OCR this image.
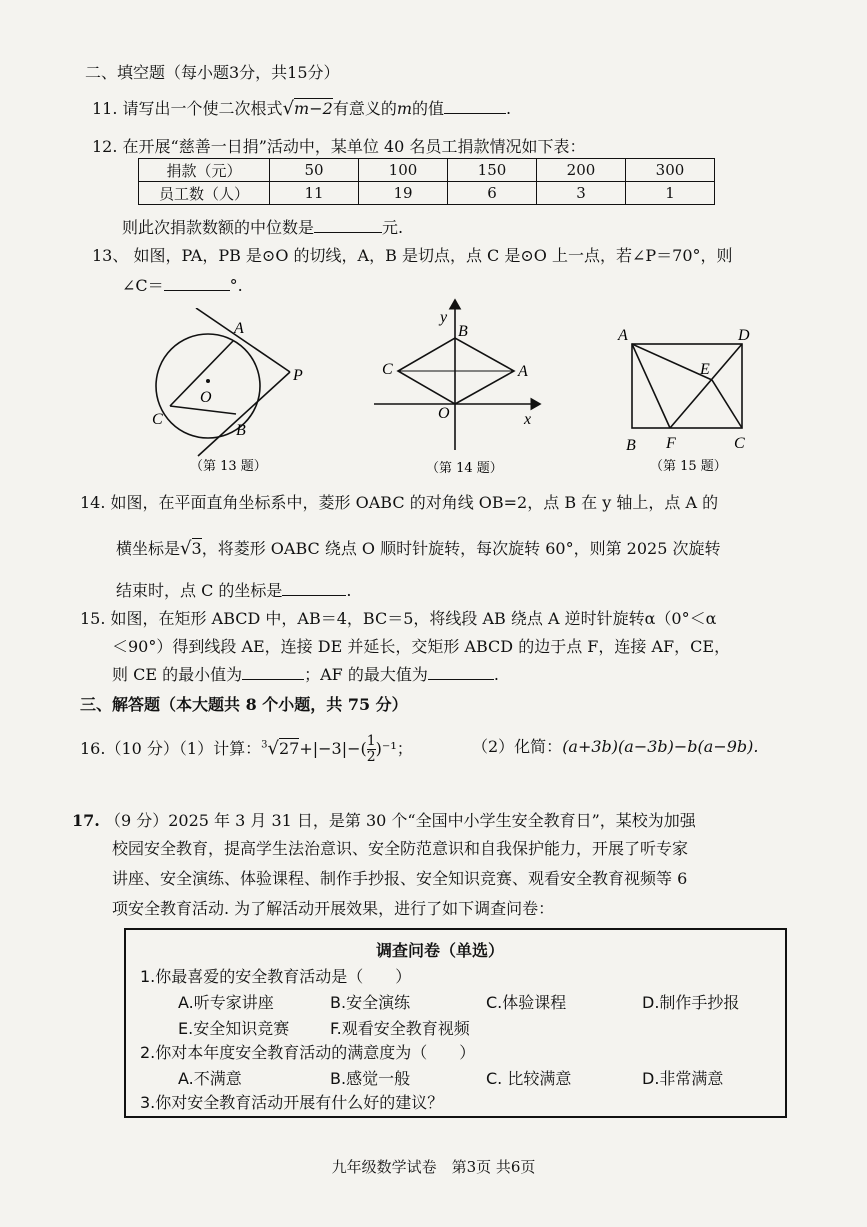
二、填空题（每小题3分，共15分）
11. 请写出一个使二次根式√m−2有意义的m的值	.
12. 在开展“慈善一日捐”活动中，某单位 40 名员工捐款情况如下表：
捐款（元）	50	100	150	200	300
员工数（人）	11	19	6	3	1
则此次捐款数额的中位数是	元.
13、 如图，PA，PB 是⊙O 的切线，A，B 是切点，点 C 是⊙O 上一点，若∠P＝70°，则
∠C＝	°.
A
B
C
O
P
（第 13 题）
y
x
B
A
C
O
（第 14 题）
A	D
E
B F	C
（第 15 题）
14. 如图，在平面直角坐标系中，菱形 OABC 的对角线 OB=2，点 B 在 y 轴上，点 A 的
横坐标是√3，将菱形 OABC 绕点 O 顺时针旋转，每次旋转 60°，则第 2025 次旋转
结束时，点 C 的坐标是	.
15. 如图，在矩形 ABCD 中，AB＝4，BC＝5，将线段 AB 绕点 A 逆时针旋转α（0°＜α
＜90°）得到线段 AE，连接 DE 并延长，交矩形 ABCD 的边于点 F，连接 AF，CE，
则 CE 的最小值为	；AF 的最大值为	.
三、解答题（本大题共 8 个小题，共 75 分）
16.（10 分）（1）计算：$^3√27+|-3|-( \frac{1}{2} )^{-1}$；	（2）化简：(a+3b)(a−3b)−b(a−9b).
17. （9 分）2025 年 3 月 31 日，是第 30 个“全国中小学生安全教育日”，某校为加强
校园安全教育，提高学生法治意识、安全防范意识和自我保护能力，开展了听专家
讲座、安全演练、体验课程、制作手抄报、安全知识竞赛、观看安全教育视频等 6
项安全教育活动. 为了解活动开展效果，进行了如下调查问卷：
调查问卷（单选）
1.你最喜爱的安全教育活动是（　　）
A.听专家讲座	B.安全演练	C.体验课程	D.制作手抄报
E.安全知识竞赛	F.观看安全教育视频
2.你对本年度安全教育活动的满意度为（　　）
A.不满意	B.感觉一般	C. 比较满意	D.非常满意
3.你对安全教育活动开展有什么好的建议？
九年级数学试卷　第3页 共6页
